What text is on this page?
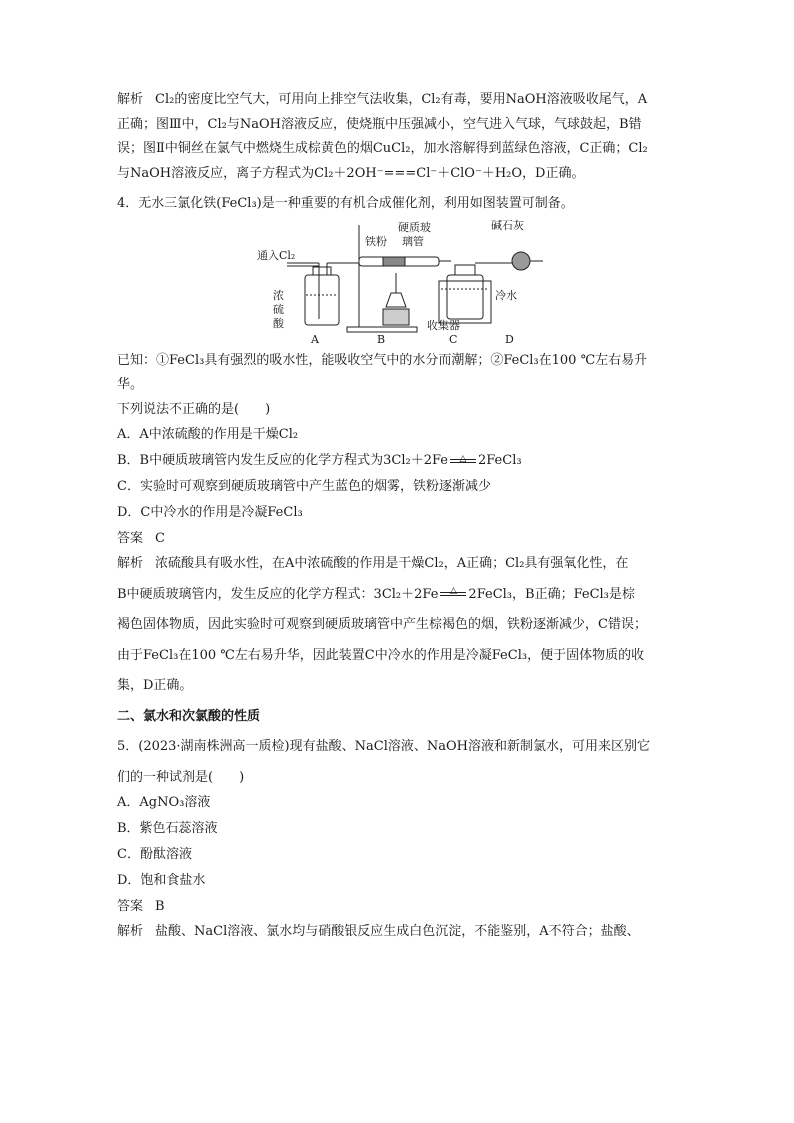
解析 Cl₂的密度比空气大，可用向上排空气法收集，Cl₂有毒，要用NaOH溶液吸收尾气，A

正确；图Ⅲ中，Cl₂与NaOH溶液反应，使烧瓶中压强减小，空气进入气球，气球鼓起，B错

误；图Ⅱ中铜丝在氯气中燃烧生成棕黄色的烟CuCl₂，加水溶解得到蓝绿色溶液，C正确；Cl₂

与NaOH溶液反应，离子方程式为Cl₂＋2OH⁻===Cl⁻＋ClO⁻＋H₂O，D正确。

4．无水三氯化铁(FeCl₃)是一种重要的有机合成催化剂，利用如图装置可制备。

通入Cl₂
浓
硫
酸
铁粉
硬质玻
璃管
碱石灰
冷水
收集器
A	B	C	D

已知：①FeCl₃具有强烈的吸水性，能吸收空气中的水分而潮解；②FeCl₃在100 ℃左右易升

华。

下列说法不正确的是(　　)

A．A中浓硫酸的作用是干燥Cl₂
B．B中硬质玻璃管内发生反应的化学方程式为3Cl₂＋2Fe	△ 2FeCl₃
C．实验时可观察到硬质玻璃管中产生蓝色的烟雾，铁粉逐渐减少
D．C中冷水的作用是冷凝FeCl₃
答案 C

解析 浓硫酸具有吸水性，在A中浓硫酸的作用是干燥Cl₂，A正确；Cl₂具有强氧化性，在

B中硬质玻璃管内，发生反应的化学方程式：3Cl₂＋2Fe	△ 2FeCl₃，B正确；FeCl₃是棕

褐色固体物质，因此实验时可观察到硬质玻璃管中产生棕褐色的烟，铁粉逐渐减少，C错误；

由于FeCl₃在100 ℃左右易升华，因此装置C中冷水的作用是冷凝FeCl₃，便于固体物质的收

集，D正确。

二、氯水和次氯酸的性质

5．(2023·湖南株洲高一质检)现有盐酸、NaCl溶液、NaOH溶液和新制氯水，可用来区别它

们的一种试剂是(　　)

A．AgNO₃溶液
B．紫色石蕊溶液
C．酚酞溶液
D．饱和食盐水
答案 B

解析 盐酸、NaCl溶液、氯水均与硝酸银反应生成白色沉淀，不能鉴别，A不符合；盐酸、
